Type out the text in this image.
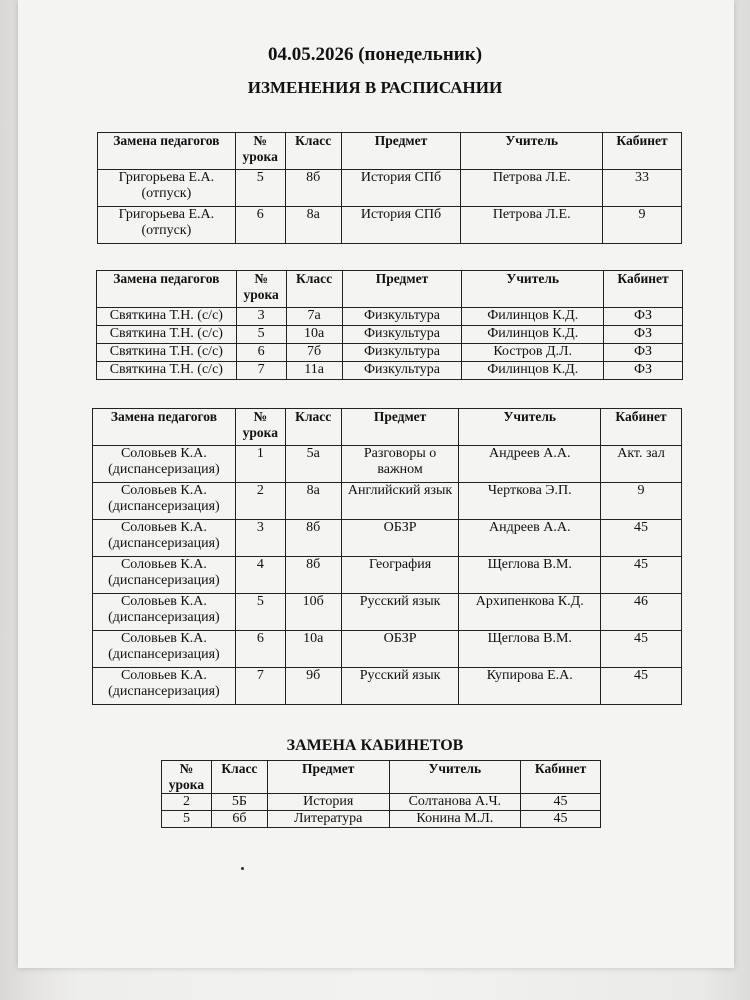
04.05.2026 (понедельник)
ИЗМЕНЕНИЯ В РАСПИСАНИИ
Замена педагогов	№ урока	Класс	Предмет	Учитель	Кабинет
Григорьева Е.А. (отпуск)	5	8б	История СПб	Петрова Л.Е.	33
Григорьева Е.А. (отпуск)	6	8а	История СПб	Петрова Л.Е.	9
Замена педагогов	№ урока	Класс	Предмет	Учитель	Кабинет
Святкина Т.Н. (с/с)	3	7а	Физкультура	Филинцов К.Д.	ФЗ
Святкина Т.Н. (с/с)	5	10а	Физкультура	Филинцов К.Д.	ФЗ
Святкина Т.Н. (с/с)	6	7б	Физкультура	Костров Д.Л.	ФЗ
Святкина Т.Н. (с/с)	7	11а	Физкультура	Филинцов К.Д.	ФЗ
Замена педагогов	№ урока	Класс	Предмет	Учитель	Кабинет
Соловьев К.А. (диспансеризация)	1	5а	Разговоры о важном	Андреев А.А.	Акт. зал
Соловьев К.А. (диспансеризация)	2	8а	Английский язык	Черткова Э.П.	9
Соловьев К.А. (диспансеризация)	3	8б	ОБЗР	Андреев А.А.	45
Соловьев К.А. (диспансеризация)	4	8б	География	Щеглова В.М.	45
Соловьев К.А. (диспансеризация)	5	10б	Русский язык	Архипенкова К.Д.	46
Соловьев К.А. (диспансеризация)	6	10а	ОБЗР	Щеглова В.М.	45
Соловьев К.А. (диспансеризация)	7	9б	Русский язык	Купирова Е.А.	45
ЗАМЕНА КАБИНЕТОВ
№ урока	Класс	Предмет	Учитель	Кабинет
2	5Б	История	Солтанова А.Ч.	45
5	6б	Литература	Конина М.Л.	45
